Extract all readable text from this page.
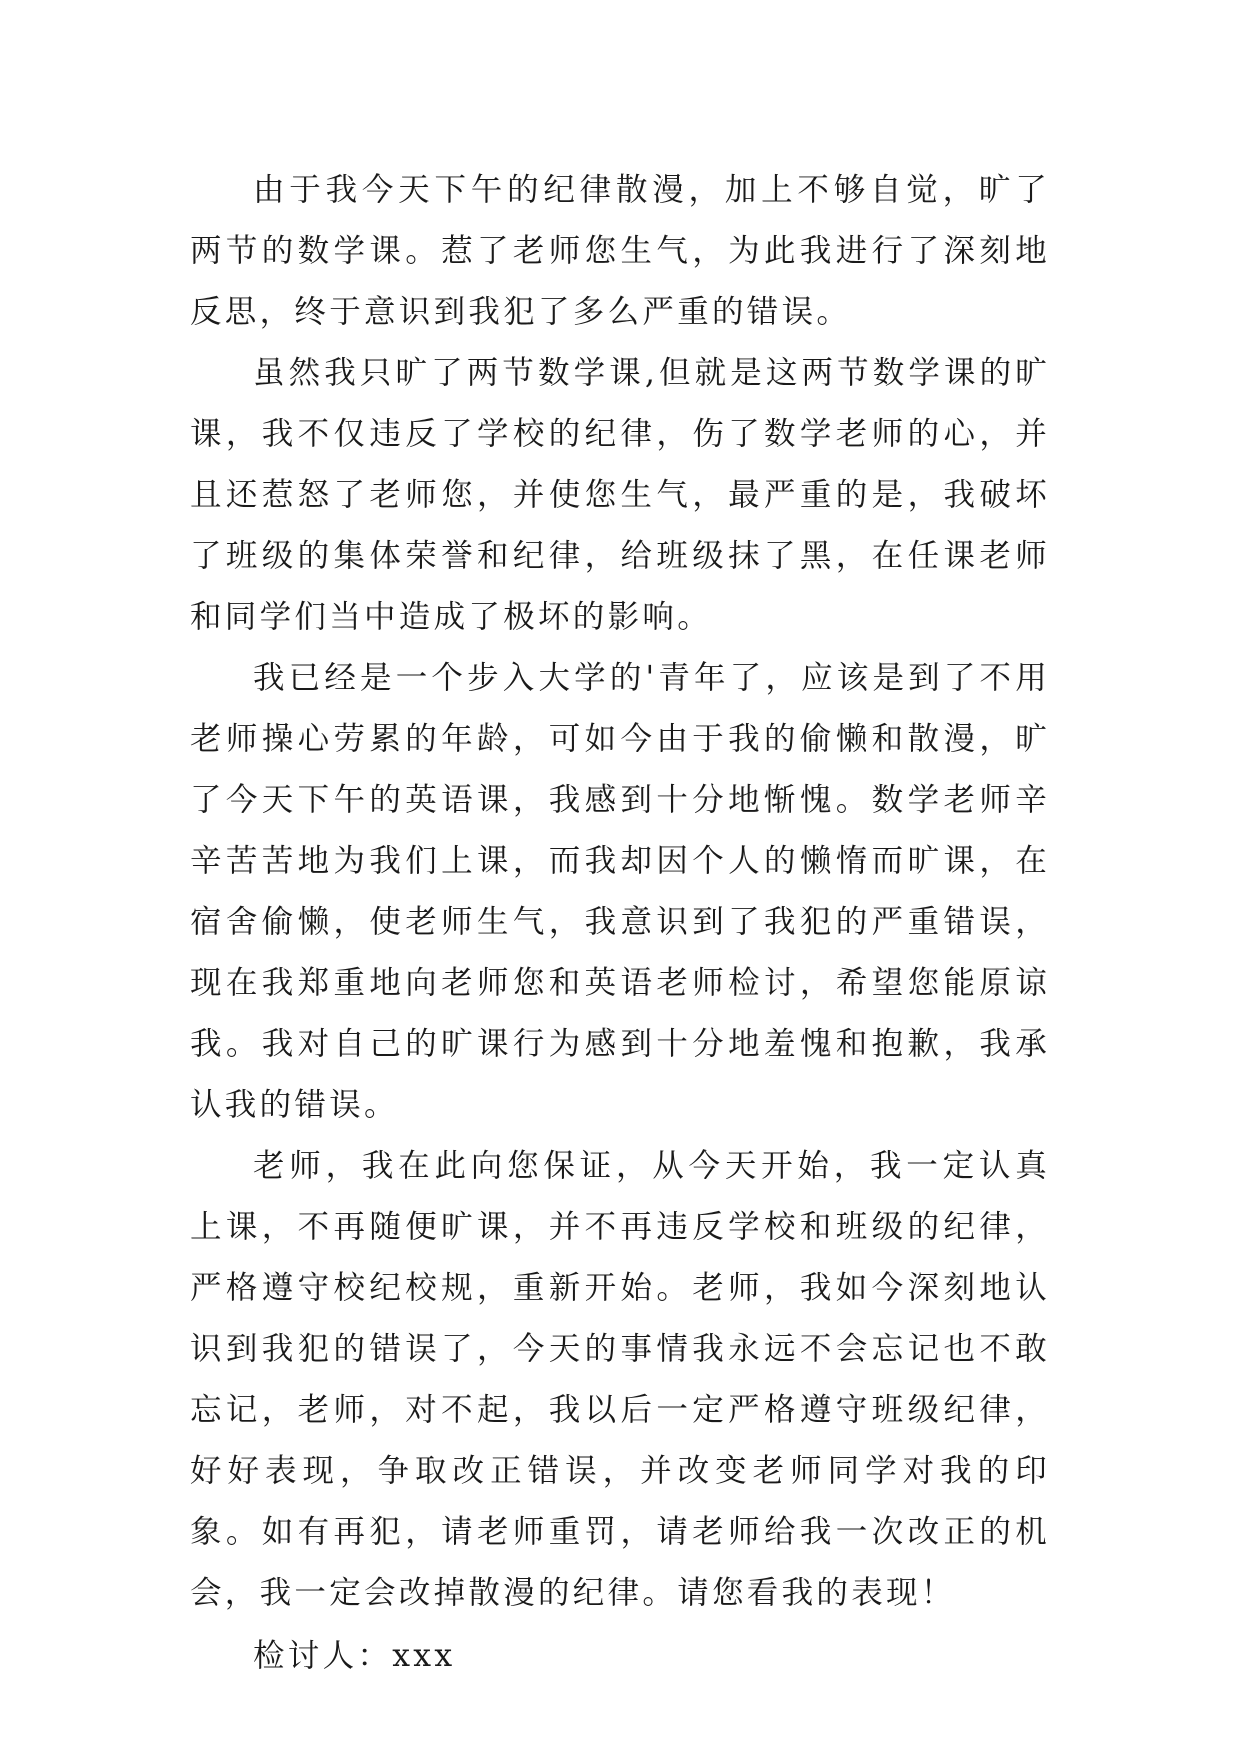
由于我今天下午的纪律散漫，加上不够自觉，旷了两节的数学课。惹了老师您生气，为此我进行了深刻地反思，终于意识到我犯了多么严重的错误。

虽然我只旷了两节数学课,但就是这两节数学课的旷课，我不仅违反了学校的纪律，伤了数学老师的心，并且还惹怒了老师您，并使您生气，最严重的是，我破坏了班级的集体荣誉和纪律，给班级抹了黑，在任课老师和同学们当中造成了极坏的影响。

我已经是一个步入大学的'青年了，应该是到了不用老师操心劳累的年龄，可如今由于我的偷懒和散漫，旷了今天下午的英语课，我感到十分地惭愧。数学老师辛辛苦苦地为我们上课，而我却因个人的懒惰而旷课，在宿舍偷懒，使老师生气，我意识到了我犯的严重错误，现在我郑重地向老师您和英语老师检讨，希望您能原谅我。我对自己的旷课行为感到十分地羞愧和抱歉，我承认我的错误。

老师，我在此向您保证，从今天开始，我一定认真上课，不再随便旷课，并不再违反学校和班级的纪律，严格遵守校纪校规，重新开始。老师，我如今深刻地认识到我犯的错误了，今天的事情我永远不会忘记也不敢忘记，老师，对不起，我以后一定严格遵守班级纪律，好好表现，争取改正错误，并改变老师同学对我的印象。如有再犯，请老师重罚，请老师给我一次改正的机会，我一定会改掉散漫的纪律。请您看我的表现！

检讨人：xxx
